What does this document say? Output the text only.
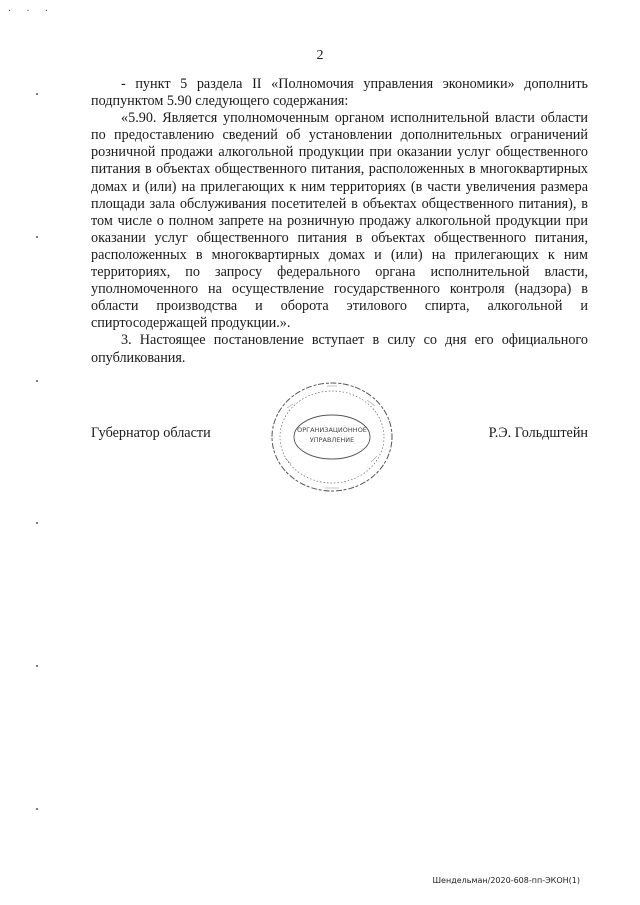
· · ·
2

- пункт 5 раздела II «Полномочия управления экономики» дополнить подпунктом 5.90 следующего содержания:

«5.90. Является уполномоченным органом исполнительной власти области по предоставлению сведений об установлении дополнительных ограничений розничной продажи алкогольной продукции при оказании услуг общественного питания в объектах общественного питания, расположенных в многоквартирных домах и (или) на прилегающих к ним территориях (в части увеличения размера площади зала обслуживания посетителей в объектах общественного питания), в том числе о полном запрете на розничную продажу алкогольной продукции при оказании услуг общественного питания в объектах общественного питания, расположенных в многоквартирных домах и (или) на прилегающих к ним территориях, по запросу федерального органа исполнительной власти, уполномоченного на осуществление государственного контроля (надзора) в области производства и оборота этилового спирта, алкогольной и спиртосодержащей продукции.».

3. Настоящее постановление вступает в силу со дня его официального опубликования.

Губернатор области	Р.Э. Гольдштейн
ОРГАНИЗАЦИОННОЕ
УПРАВЛЕНИЕ
Шендельман/2020-608-пп-ЭКОН(1)
